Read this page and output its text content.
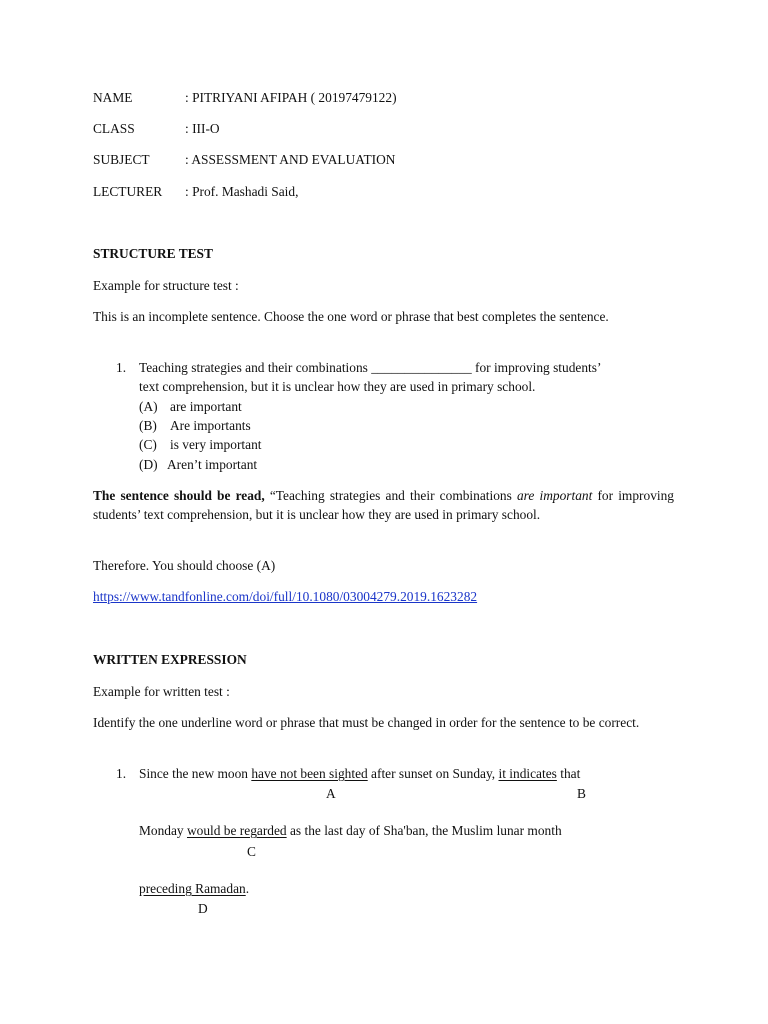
NAME	: PITRIYANI AFIPAH ( 20197479122)
CLASS	: III-O
SUBJECT	: ASSESSMENT AND EVALUATION
LECTURER : Prof. Mashadi Said,
STRUCTURE TEST
Example for structure test :
This is an incomplete sentence. Choose the one word or phrase that best completes the sentence.
1. Teaching strategies and their combinations _______________ for improving students’
text comprehension, but it is unclear how they are used in primary school.
(A) are important
(B) Are importants
(C) is very important
(D) Aren’t important
The sentence should be read, “Teaching strategies and their combinations are important for improving students’ text comprehension, but it is unclear how they are used in primary school.
Therefore. You should choose (A)
https://www.tandfonline.com/doi/full/10.1080/03004279.2019.1623282
WRITTEN EXPRESSION
Example for written test :
Identify the one underline word or phrase that must be changed in order for the sentence to be correct.
1. Since the new moon have not been sighted after sunset on Sunday, it indicates that
A	B
Monday would be regarded as the last day of Sha'ban, the Muslim lunar month
C
preceding Ramadan.
D
